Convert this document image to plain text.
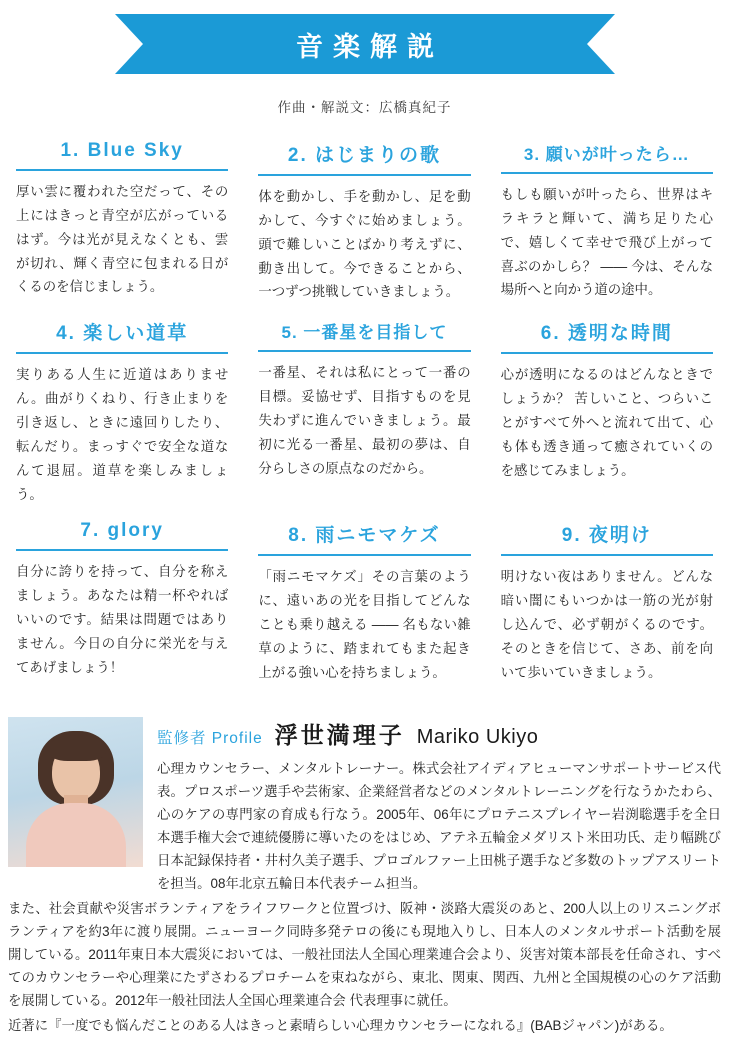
音楽解説
作曲・解説文：広橋真紀子
1. Blue Sky
厚い雲に覆われた空だって、その上にはきっと青空が広がっているはず。今は光が見えなくとも、雲が切れ、輝く青空に包まれる日がくるのを信じましょう。
2. はじまりの歌
体を動かし、手を動かし、足を動かして、今すぐに始めましょう。頭で難しいことばかり考えずに、動き出して。今できることから、一つずつ挑戦していきましょう。
3. 願いが叶ったら…
もしも願いが叶ったら、世界はキラキラと輝いて、満ち足りた心で、嬉しくて幸せで飛び上がって喜ぶのかしら？ ―― 今は、そんな場所へと向かう道の途中。
4. 楽しい道草
実りある人生に近道はありません。曲がりくねり、行き止まりを引き返し、ときに遠回りしたり、転んだり。まっすぐで安全な道なんて退屈。道草を楽しみましょう。
5. 一番星を目指して
一番星、それは私にとって一番の目標。妥協せず、目指すものを見失わずに進んでいきましょう。最初に光る一番星、最初の夢は、自分らしさの原点なのだから。
6. 透明な時間
心が透明になるのはどんなときでしょうか？ 苦しいこと、つらいことがすべて外へと流れて出て、心も体も透き通って癒されていくのを感じてみましょう。
7. glory
自分に誇りを持って、自分を称えましょう。あなたは精一杯やればいいのです。結果は問題ではありません。今日の自分に栄光を与えてあげましょう！
8. 雨ニモマケズ
「雨ニモマケズ」その言葉のように、遠いあの光を目指してどんなことも乗り越える ―― 名もない雑草のように、踏まれてもまた起き上がる強い心を持ちましょう。
9. 夜明け
明けない夜はありません。どんな暗い闇にもいつかは一筋の光が射し込んで、必ず朝がくるのです。そのときを信じて、さあ、前を向いて歩いていきましょう。
監修者 Profile 浮世満理子 Mariko Ukiyo

心理カウンセラー、メンタルトレーナー。株式会社アイディアヒューマンサポートサービス代表。プロスポーツ選手や芸術家、企業経営者などのメンタルトレーニングを行なうかたわら、心のケアの専門家の育成も行なう。2005年、06年にプロテニスプレイヤー岩渕聡選手を全日本選手権大会で連続優勝に導いたのをはじめ、アテネ五輪金メダリスト米田功氏、走り幅跳び日本記録保持者・井村久美子選手、プロゴルファー上田桃子選手など多数のトップアスリートを担当。08年北京五輪日本代表チーム担当。

また、社会貢献や災害ボランティアをライフワークと位置づけ、阪神・淡路大震災のあと、200人以上のリスニングボランティアを約3年に渡り展開。ニューヨーク同時多発テロの後にも現地入りし、日本人のメンタルサポート活動を展開している。2011年東日本大震災においては、一般社団法人全国心理業連合会より、災害対策本部長を任命され、すべてのカウンセラーや心理業にたずさわるプロチームを束ねながら、東北、関東、関西、九州と全国規模の心のケア活動を展開している。2012年一般社団法人全国心理業連合会 代表理事に就任。

近著に『一度でも悩んだことのある人はきっと素晴らしい心理カウンセラーになれる』(BABジャパン)がある。
